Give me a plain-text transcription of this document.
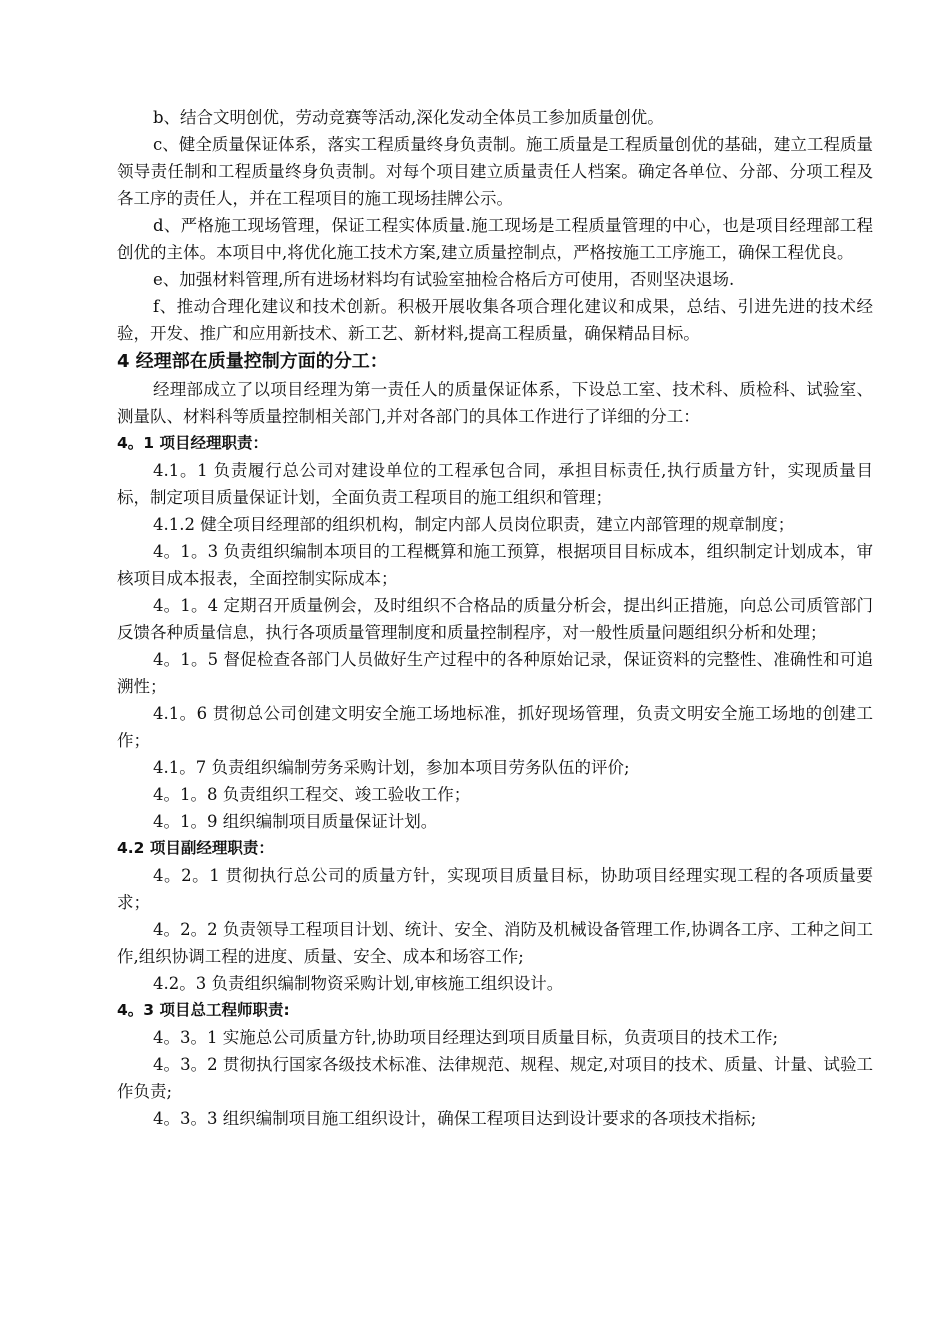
b、结合文明创优，劳动竞赛等活动,深化发动全体员工参加质量创优。

c、健全质量保证体系，落实工程质量终身负责制。施工质量是工程质量创优的基础，建立工程质量领导责任制和工程质量终身负责制。对每个项目建立质量责任人档案。确定各单位、分部、分项工程及各工序的责任人，并在工程项目的施工现场挂牌公示。

d、严格施工现场管理，保证工程实体质量.施工现场是工程质量管理的中心，也是项目经理部工程创优的主体。本项目中,将优化施工技术方案,建立质量控制点，严格按施工工序施工，确保工程优良。

e、加强材料管理,所有进场材料均有试验室抽检合格后方可使用，否则坚决退场.

f、推动合理化建议和技术创新。积极开展收集各项合理化建议和成果，总结、引进先进的技术经验，开发、推广和应用新技术、新工艺、新材料,提高工程质量，确保精品目标。

4 经理部在质量控制方面的分工：

经理部成立了以项目经理为第一责任人的质量保证体系，下设总工室、技术科、质检科、试验室、测量队、材料科等质量控制相关部门,并对各部门的具体工作进行了详细的分工：

4。1 项目经理职责：

4.1。1 负责履行总公司对建设单位的工程承包合同，承担目标责任,执行质量方针，实现质量目标，制定项目质量保证计划，全面负责工程项目的施工组织和管理；

4.1.2 健全项目经理部的组织机构，制定内部人员岗位职责，建立内部管理的规章制度；

4。1。3 负责组织编制本项目的工程概算和施工预算，根据项目目标成本，组织制定计划成本，审核项目成本报表，全面控制实际成本；

4。1。4 定期召开质量例会，及时组织不合格品的质量分析会，提出纠正措施，向总公司质管部门反馈各种质量信息，执行各项质量管理制度和质量控制程序，对一般性质量问题组织分析和处理；

4。1。5 督促检查各部门人员做好生产过程中的各种原始记录，保证资料的完整性、准确性和可追溯性；

4.1。6 贯彻总公司创建文明安全施工场地标准，抓好现场管理，负责文明安全施工场地的创建工作；

4.1。7 负责组织编制劳务采购计划，参加本项目劳务队伍的评价;

4。1。8 负责组织工程交、竣工验收工作；

4。1。9 组织编制项目质量保证计划。

4.2 项目副经理职责：

4。2。1 贯彻执行总公司的质量方针，实现项目质量目标，协助项目经理实现工程的各项质量要求；

4。2。2 负责领导工程项目计划、统计、安全、消防及机械设备管理工作,协调各工序、工种之间工作,组织协调工程的进度、质量、安全、成本和场容工作;

4.2。3 负责组织编制物资采购计划,审核施工组织设计。

4。3 项目总工程师职责:

4。3。1 实施总公司质量方针,协助项目经理达到项目质量目标，负责项目的技术工作;

4。3。2 贯彻执行国家各级技术标准、法律规范、规程、规定,对项目的技术、质量、计量、试验工作负责;

4。3。3 组织编制项目施工组织设计，确保工程项目达到设计要求的各项技术指标;
